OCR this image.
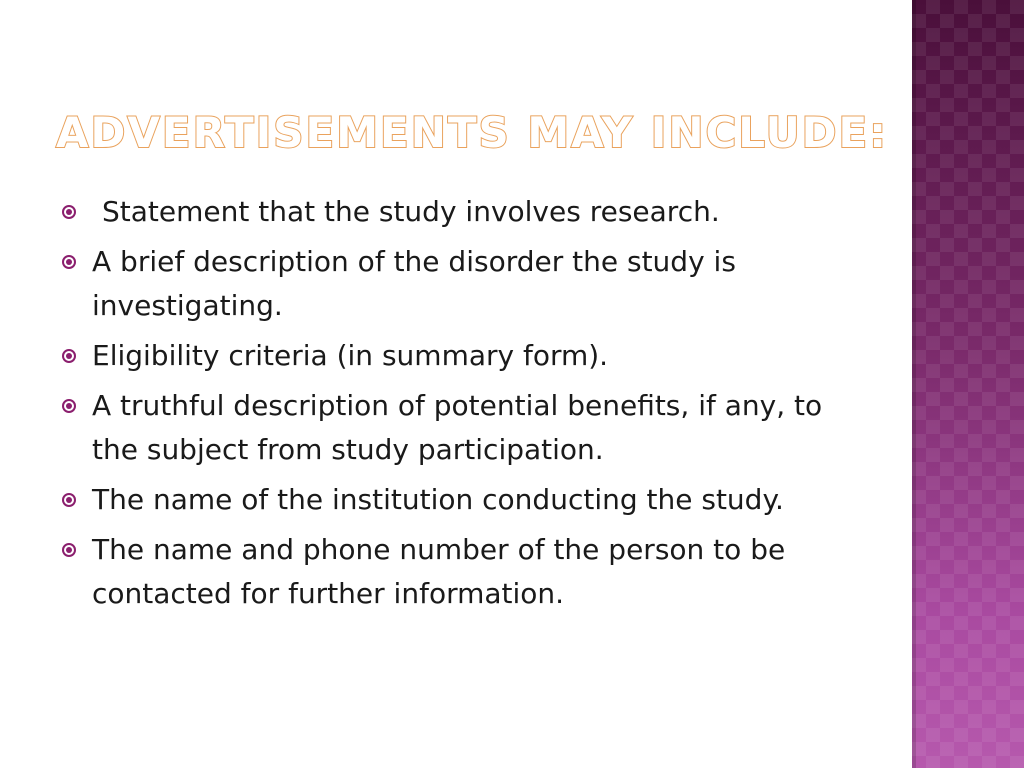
ADVERTISEMENTS MAY INCLUDE:
Statement that the study involves research.
A brief description of the disorder the study is investigating.
Eligibility criteria (in summary form).
A truthful description of potential benefits, if any, to the subject from study participation.
The name of the institution conducting the study.
The name and phone number of the person to be contacted for further information.
